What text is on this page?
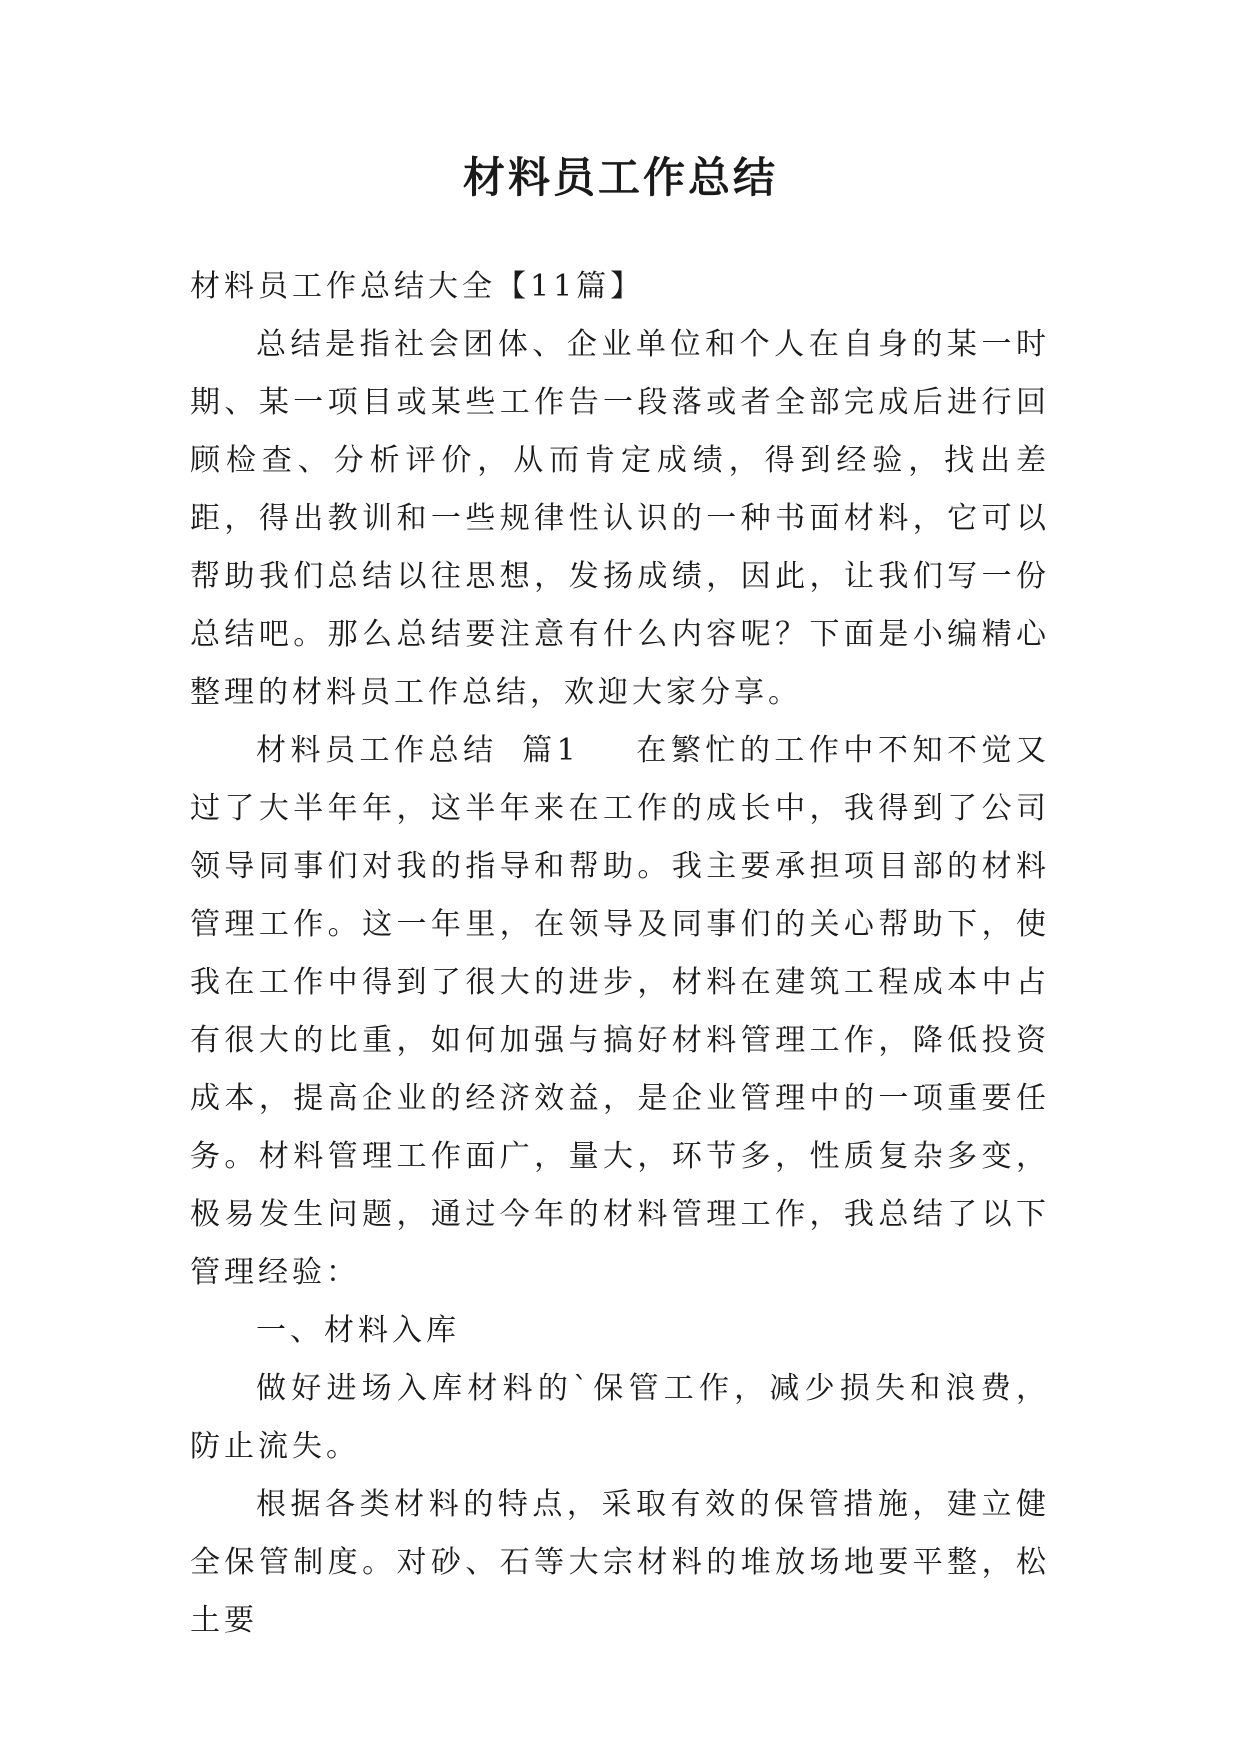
材料员工作总结

材料员工作总结大全【11篇】

总结是指社会团体、企业单位和个人在自身的某一时期、某一项目或某些工作告一段落或者全部完成后进行回顾检查、分析评价，从而肯定成绩，得到经验，找出差距，得出教训和一些规律性认识的一种书面材料，它可以帮助我们总结以往思想，发扬成绩，因此，让我们写一份总结吧。那么总结要注意有什么内容呢？下面是小编精心整理的材料员工作总结，欢迎大家分享。

材料员工作总结 篇1 在繁忙的工作中不知不觉又过了大半年年，这半年来在工作的成长中，我得到了公司领导同事们对我的指导和帮助。我主要承担项目部的材料管理工作。这一年里，在领导及同事们的关心帮助下，使我在工作中得到了很大的进步，材料在建筑工程成本中占有很大的比重，如何加强与搞好材料管理工作，降低投资成本，提高企业的经济效益，是企业管理中的一项重要任务。材料管理工作面广，量大，环节多，性质复杂多变，极易发生问题，通过今年的材料管理工作，我总结了以下管理经验：

一、材料入库

做好进场入库材料的`保管工作，减少损失和浪费，防止流失。

根据各类材料的特点，采取有效的保管措施，建立健全保管制度。对砂、石等大宗材料的堆放场地要平整，松土要
